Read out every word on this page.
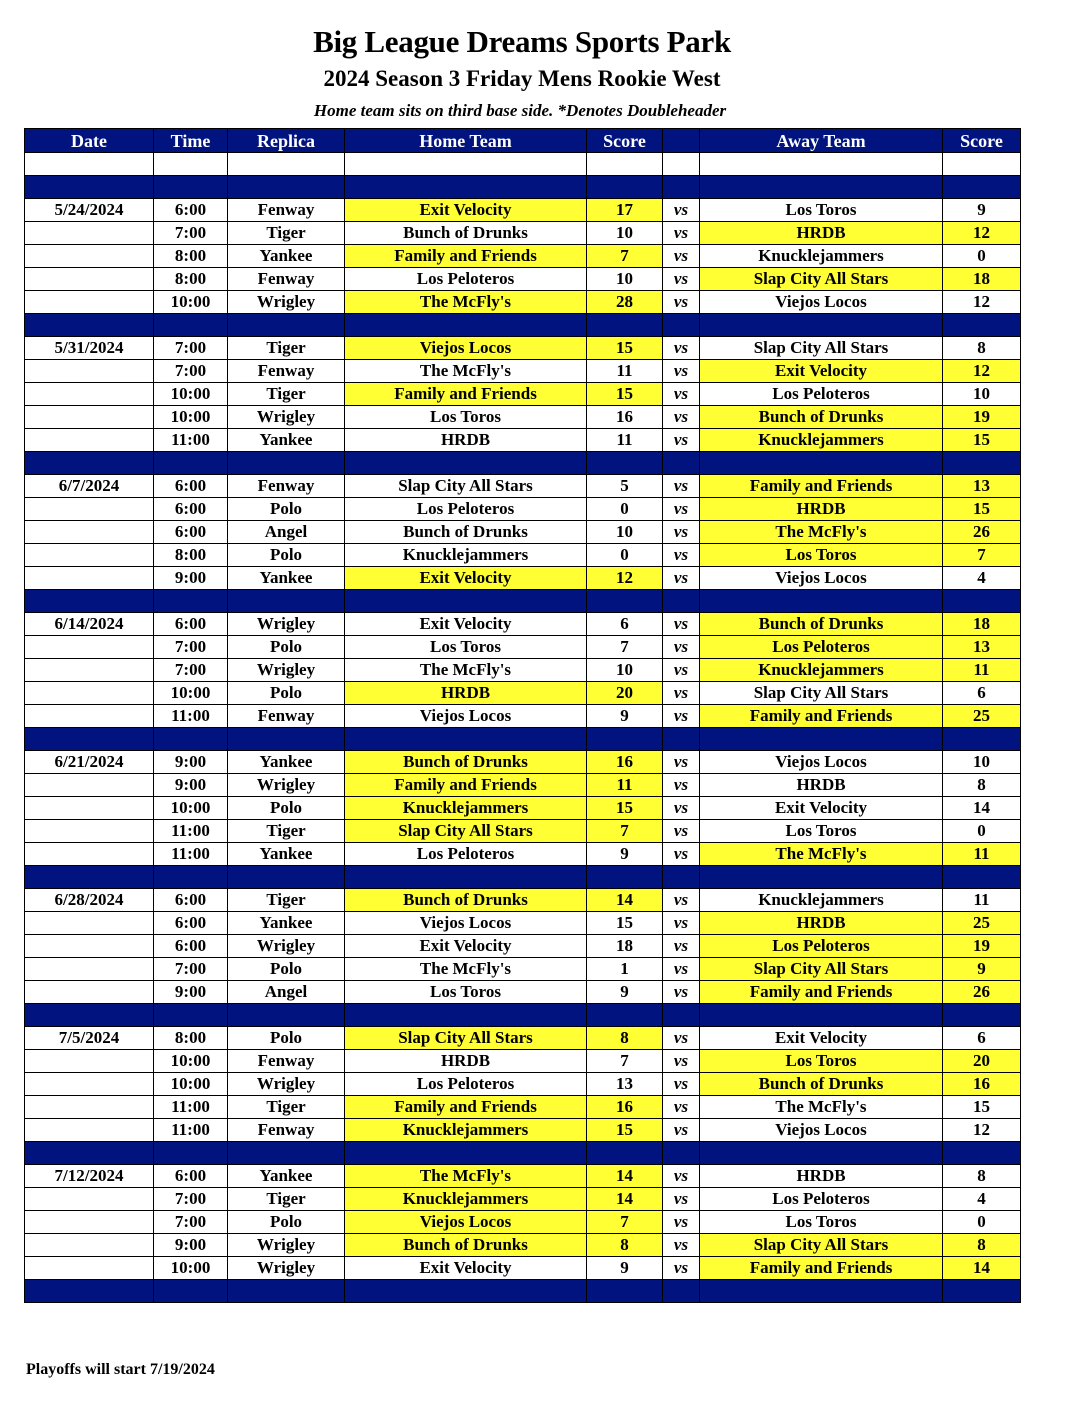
Big League Dreams Sports Park
2024 Season 3 Friday Mens Rookie West
Home team sits on third base side. *Denotes Doubleheader
Date	Time	Replica	Home Team	Score		Away Team	Score

5/24/2024	6:00	Fenway	Exit Velocity	17	vs	Los Toros	9
	7:00	Tiger	Bunch of Drunks	10	vs	HRDB	12
	8:00	Yankee	Family and Friends	7	vs	Knucklejammers	0
	8:00	Fenway	Los Peloteros	10	vs	Slap City All Stars	18
	10:00	Wrigley	The McFly's	28	vs	Viejos Locos	12

5/31/2024	7:00	Tiger	Viejos Locos	15	vs	Slap City All Stars	8
	7:00	Fenway	The McFly's	11	vs	Exit Velocity	12
	10:00	Tiger	Family and Friends	15	vs	Los Peloteros	10
	10:00	Wrigley	Los Toros	16	vs	Bunch of Drunks	19
	11:00	Yankee	HRDB	11	vs	Knucklejammers	15

6/7/2024	6:00	Fenway	Slap City All Stars	5	vs	Family and Friends	13
	6:00	Polo	Los Peloteros	0	vs	HRDB	15
	6:00	Angel	Bunch of Drunks	10	vs	The McFly's	26
	8:00	Polo	Knucklejammers	0	vs	Los Toros	7
	9:00	Yankee	Exit Velocity	12	vs	Viejos Locos	4

6/14/2024	6:00	Wrigley	Exit Velocity	6	vs	Bunch of Drunks	18
	7:00	Polo	Los Toros	7	vs	Los Peloteros	13
	7:00	Wrigley	The McFly's	10	vs	Knucklejammers	11
	10:00	Polo	HRDB	20	vs	Slap City All Stars	6
	11:00	Fenway	Viejos Locos	9	vs	Family and Friends	25

6/21/2024	9:00	Yankee	Bunch of Drunks	16	vs	Viejos Locos	10
	9:00	Wrigley	Family and Friends	11	vs	HRDB	8
	10:00	Polo	Knucklejammers	15	vs	Exit Velocity	14
	11:00	Tiger	Slap City All Stars	7	vs	Los Toros	0
	11:00	Yankee	Los Peloteros	9	vs	The McFly's	11

6/28/2024	6:00	Tiger	Bunch of Drunks	14	vs	Knucklejammers	11
	6:00	Yankee	Viejos Locos	15	vs	HRDB	25
	6:00	Wrigley	Exit Velocity	18	vs	Los Peloteros	19
	7:00	Polo	The McFly's	1	vs	Slap City All Stars	9
	9:00	Angel	Los Toros	9	vs	Family and Friends	26

7/5/2024	8:00	Polo	Slap City All Stars	8	vs	Exit Velocity	6
	10:00	Fenway	HRDB	7	vs	Los Toros	20
	10:00	Wrigley	Los Peloteros	13	vs	Bunch of Drunks	16
	11:00	Tiger	Family and Friends	16	vs	The McFly's	15
	11:00	Fenway	Knucklejammers	15	vs	Viejos Locos	12

7/12/2024	6:00	Yankee	The McFly's	14	vs	HRDB	8
	7:00	Tiger	Knucklejammers	14	vs	Los Peloteros	4
	7:00	Polo	Viejos Locos	7	vs	Los Toros	0
	9:00	Wrigley	Bunch of Drunks	8	vs	Slap City All Stars	8
	10:00	Wrigley	Exit Velocity	9	vs	Family and Friends	14

Playoffs will start 7/19/2024
